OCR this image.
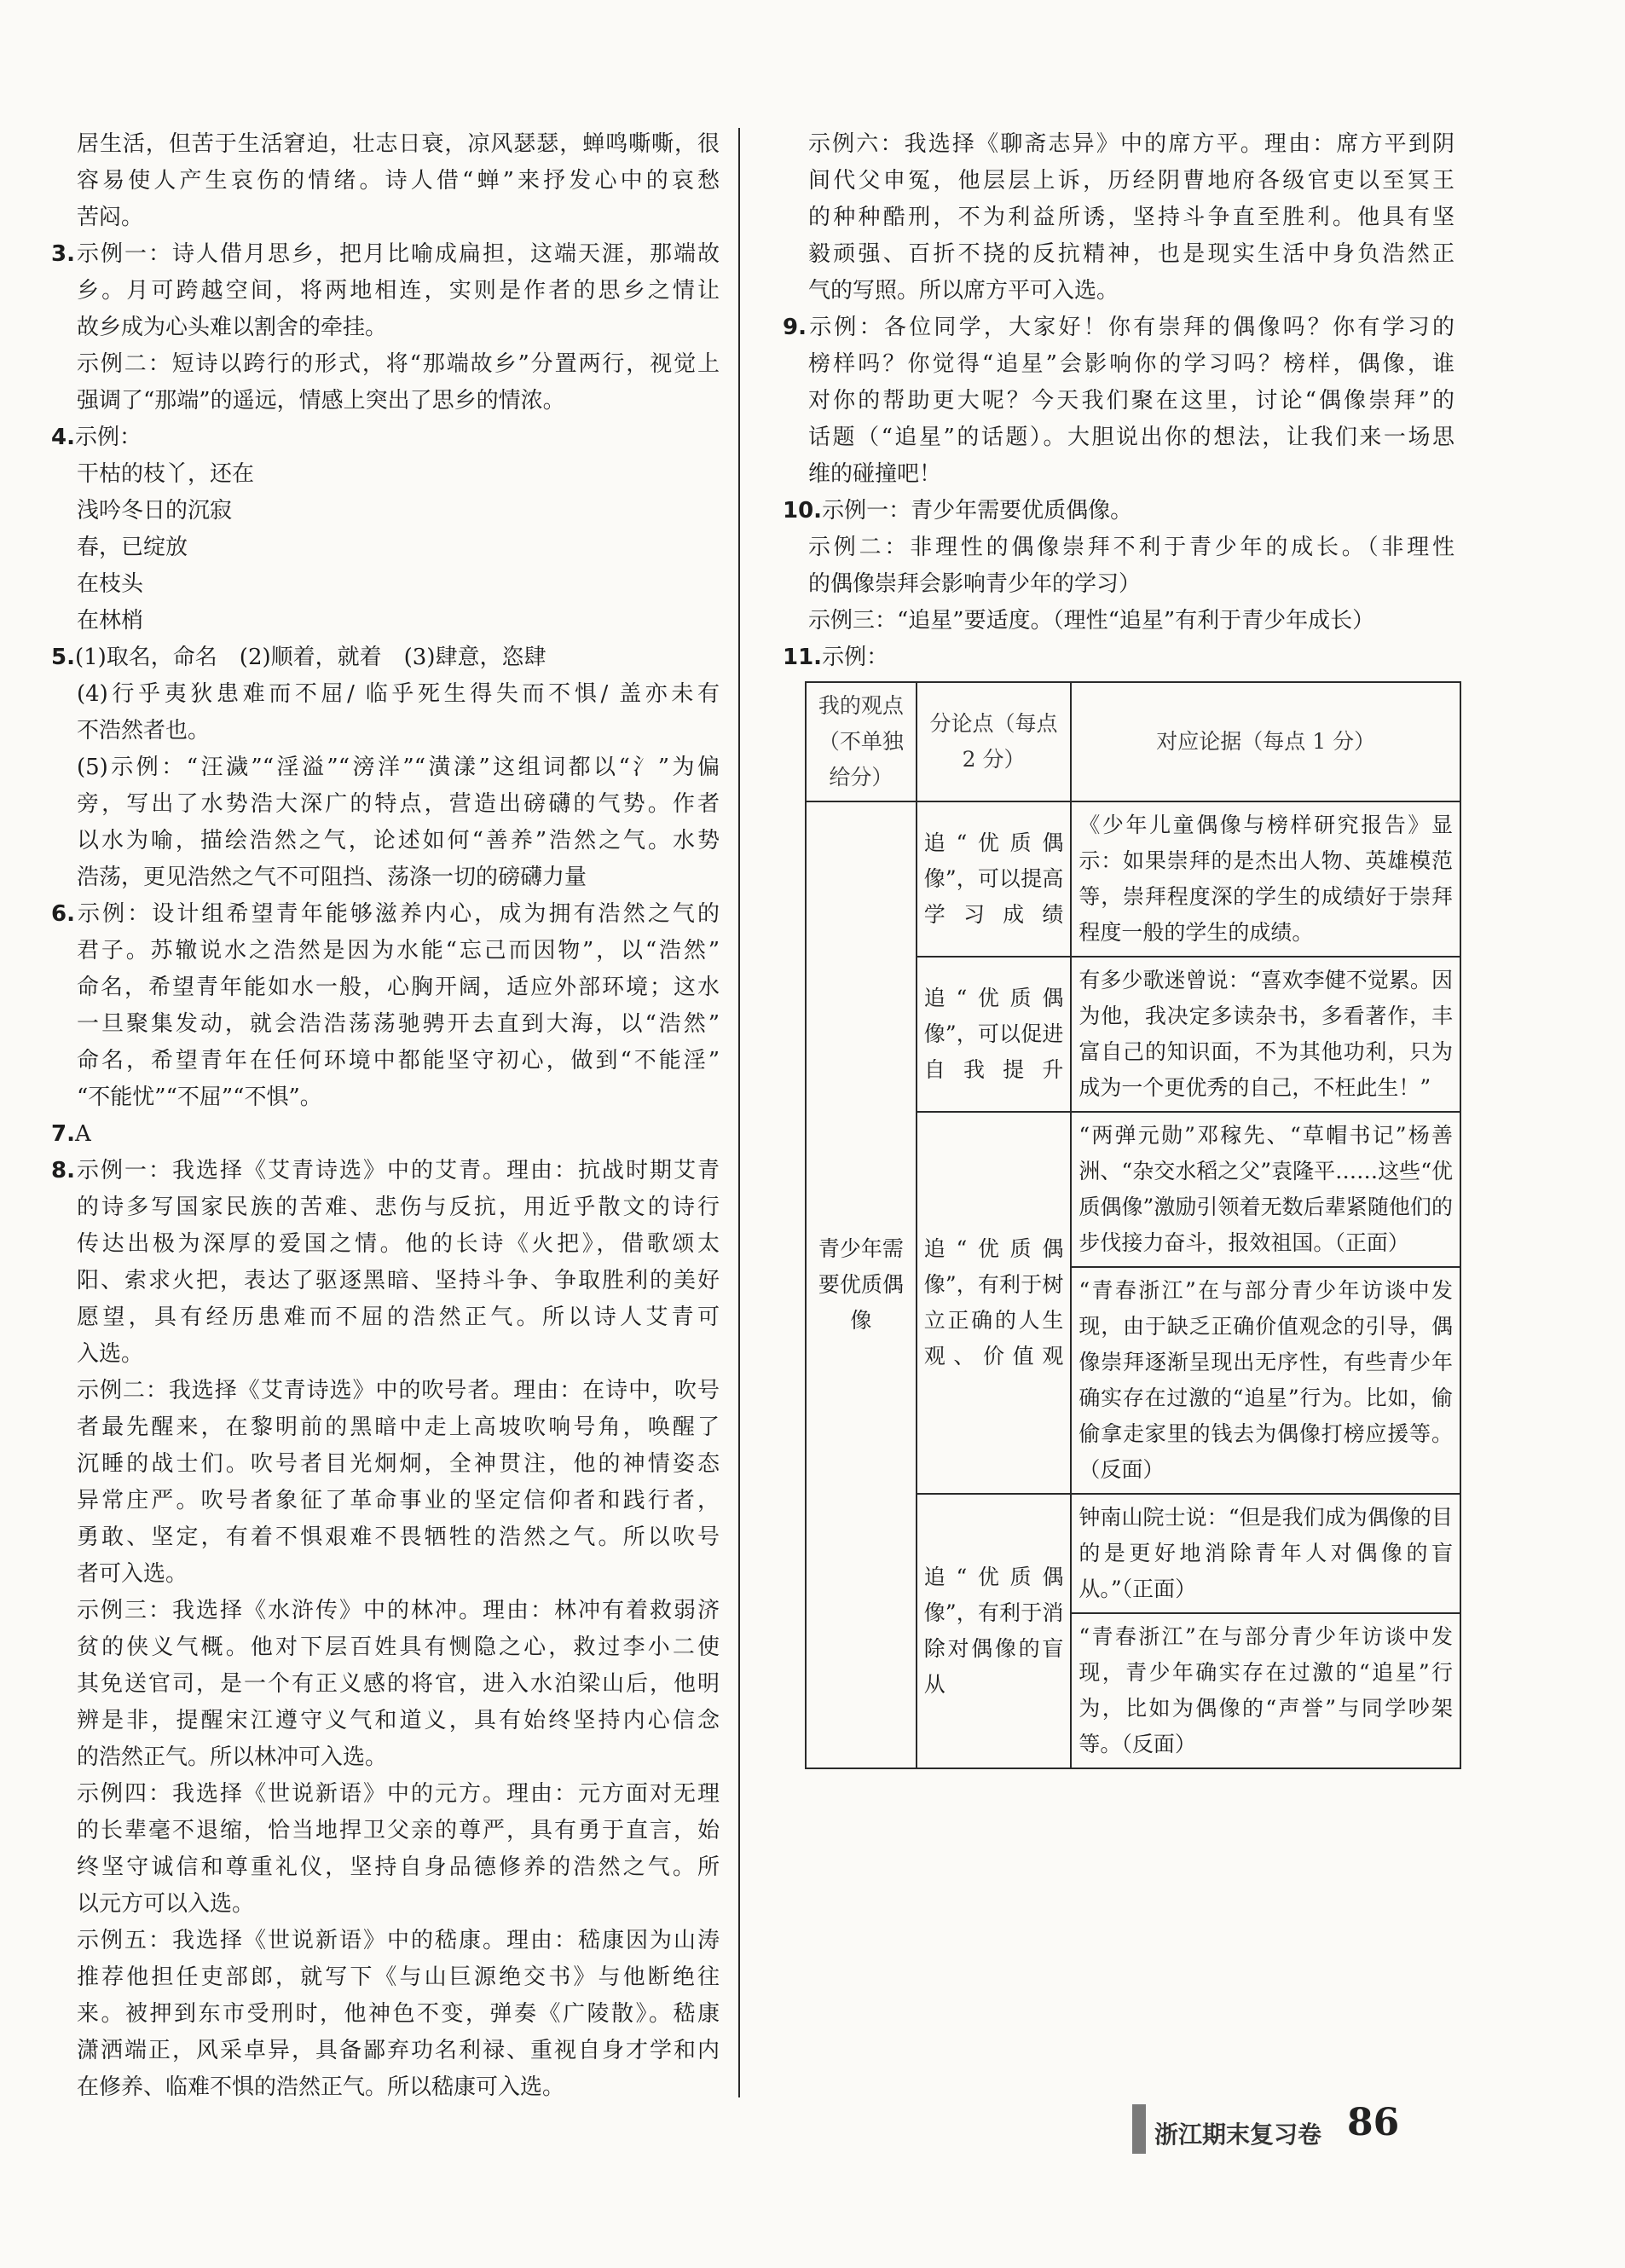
居生活，但苦于生活窘迫，壮志日衰，凉风瑟瑟，蝉鸣嘶嘶，很
容易使人产生哀伤的情绪。诗人借“蝉”来抒发心中的哀愁
苦闷。
3.示例一：诗人借月思乡，把月比喻成扁担，这端天涯，那端故
乡。月可跨越空间，将两地相连，实则是作者的思乡之情让
故乡成为心头难以割舍的牵挂。
示例二：短诗以跨行的形式，将“那端故乡”分置两行，视觉上
强调了“那端”的遥远，情感上突出了思乡的情浓。
4.示例：
干枯的枝丫，还在
浅吟冬日的沉寂
春，已绽放
在枝头
在林梢
5.(1)取名，命名　(2)顺着，就着　(3)肆意，恣肆
(4)行乎夷狄患难而不屈/ 临乎死生得失而不惧/ 盖亦未有
不浩然者也。
(5)示例：“汪濊”“淫溢”“滂洋”“潢漾”这组词都以“氵”为偏
旁，写出了水势浩大深广的特点，营造出磅礴的气势。作者
以水为喻，描绘浩然之气，论述如何“善养”浩然之气。水势
浩荡，更见浩然之气不可阻挡、荡涤一切的磅礴力量
6.示例：设计组希望青年能够滋养内心，成为拥有浩然之气的
君子。苏辙说水之浩然是因为水能“忘己而因物”，以“浩然”
命名，希望青年能如水一般，心胸开阔，适应外部环境；这水
一旦聚集发动，就会浩浩荡荡驰骋开去直到大海，以“浩然”
命名，希望青年在任何环境中都能坚守初心，做到“不能淫”
“不能忧”“不屈”“不惧”。
7.A
8.示例一：我选择《艾青诗选》中的艾青。理由：抗战时期艾青
的诗多写国家民族的苦难、悲伤与反抗，用近乎散文的诗行
传达出极为深厚的爱国之情。他的长诗《火把》，借歌颂太
阳、索求火把，表达了驱逐黑暗、坚持斗争、争取胜利的美好
愿望，具有经历患难而不屈的浩然正气。所以诗人艾青可
入选。
示例二：我选择《艾青诗选》中的吹号者。理由：在诗中，吹号
者最先醒来，在黎明前的黑暗中走上高坡吹响号角，唤醒了
沉睡的战士们。吹号者目光炯炯，全神贯注，他的神情姿态
异常庄严。吹号者象征了革命事业的坚定信仰者和践行者，
勇敢、坚定，有着不惧艰难不畏牺牲的浩然之气。所以吹号
者可入选。
示例三：我选择《水浒传》中的林冲。理由：林冲有着救弱济
贫的侠义气概。他对下层百姓具有恻隐之心，救过李小二使
其免送官司，是一个有正义感的将官，进入水泊梁山后，他明
辨是非，提醒宋江遵守义气和道义，具有始终坚持内心信念
的浩然正气。所以林冲可入选。
示例四：我选择《世说新语》中的元方。理由：元方面对无理
的长辈毫不退缩，恰当地捍卫父亲的尊严，具有勇于直言，始
终坚守诚信和尊重礼仪，坚持自身品德修养的浩然之气。所
以元方可以入选。
示例五：我选择《世说新语》中的嵇康。理由：嵇康因为山涛
推荐他担任吏部郎，就写下《与山巨源绝交书》与他断绝往
来。被押到东市受刑时，他神色不变，弹奏《广陵散》。嵇康
潇洒端正，风采卓异，具备鄙弃功名利禄、重视自身才学和内
在修养、临难不惧的浩然正气。所以嵇康可入选。
示例六：我选择《聊斋志异》中的席方平。理由：席方平到阴
间代父申冤，他层层上诉，历经阴曹地府各级官吏以至冥王
的种种酷刑，不为利益所诱，坚持斗争直至胜利。他具有坚
毅顽强、百折不挠的反抗精神，也是现实生活中身负浩然正
气的写照。所以席方平可入选。
9.示例：各位同学，大家好！你有崇拜的偶像吗？你有学习的
榜样吗？你觉得“追星”会影响你的学习吗？榜样，偶像，谁
对你的帮助更大呢？今天我们聚在这里，讨论“偶像崇拜”的
话题（“追星”的话题）。大胆说出你的想法，让我们来一场思
维的碰撞吧！
10.示例一：青少年需要优质偶像。
示例二：非理性的偶像崇拜不利于青少年的成长。（非理性
的偶像崇拜会影响青少年的学习）
示例三：“追星”要适度。（理性“追星”有利于青少年成长）
11.示例：
我的观点（不单独给分）	分论点（每点 2 分）	对应论据（每点 1 分）
青少年需要优质偶像	追“优质偶像”，可以提高学习成绩	《少年儿童偶像与榜样研究报告》显示：如果崇拜的是杰出人物、英雄模范等，崇拜程度深的学生的成绩好于崇拜程度一般的学生的成绩。
	追“优质偶像”，可以促进自我提升	有多少歌迷曾说：“喜欢李健不觉累。因为他，我决定多读杂书，多看著作，丰富自己的知识面，不为其他功利，只为成为一个更优秀的自己，不枉此生！”
	追“优质偶像”，有利于树立正确的人生观、价值观	“两弹元勋”邓稼先、“草帽书记”杨善洲、“杂交水稻之父”袁隆平……这些“优质偶像”激励引领着无数后辈紧随他们的步伐接力奋斗，报效祖国。（正面）
		“青春浙江”在与部分青少年访谈中发现，由于缺乏正确价值观念的引导，偶像崇拜逐渐呈现出无序性，有些青少年确实存在过激的“追星”行为。比如，偷偷拿走家里的钱去为偶像打榜应援等。（反面）
	追“优质偶像”，有利于消除对偶像的盲从	钟南山院士说：“但是我们成为偶像的目的是更好地消除青年人对偶像的盲从。”（正面）
		“青春浙江”在与部分青少年访谈中发现，青少年确实存在过激的“追星”行为，比如为偶像的“声誉”与同学吵架等。（反面）
浙江期末复习卷 86
